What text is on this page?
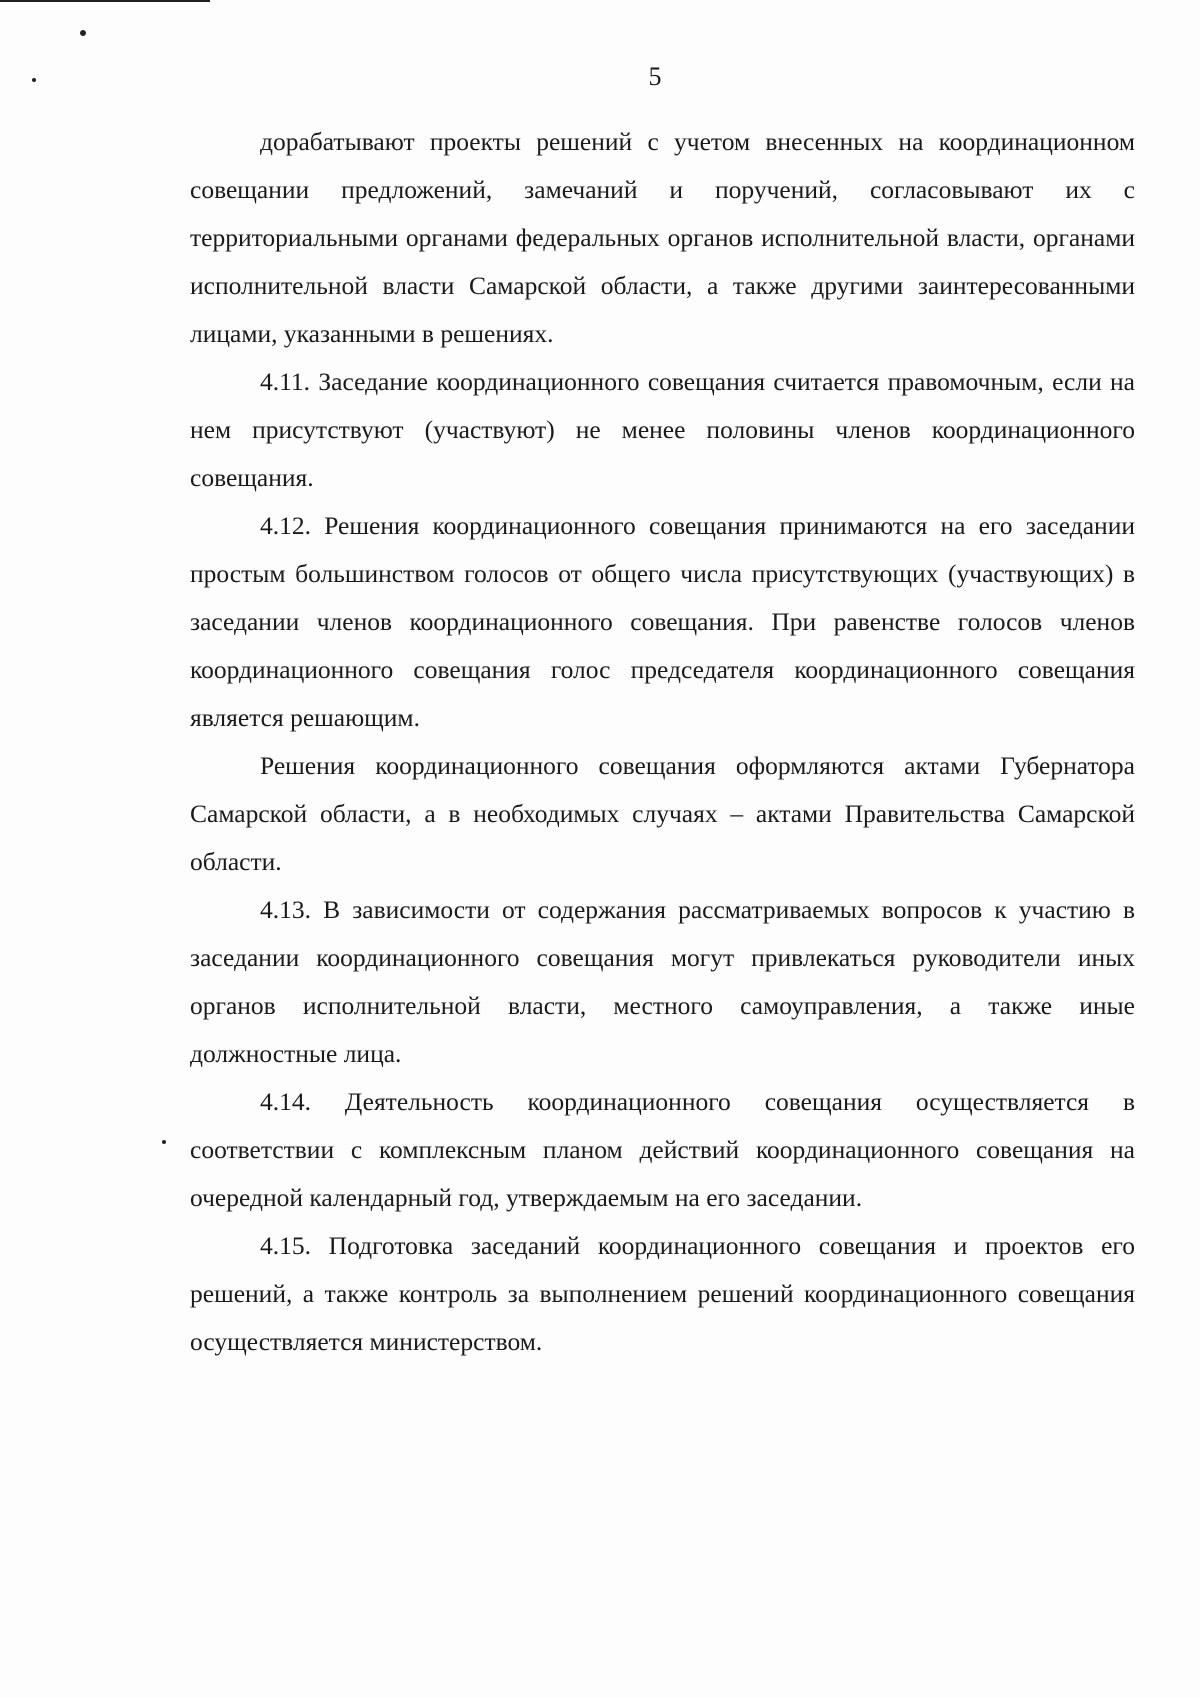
5

дорабатывают проекты решений с учетом внесенных на координационном совещании предложений, замечаний и поручений, согласовывают их с территориальными органами федеральных органов исполнительной власти, органами исполнительной власти Самарской области, а также другими заинтересованными лицами, указанными в решениях.

4.11. Заседание координационного совещания считается правомочным, если на нем присутствуют (участвуют) не менее половины членов координационного совещания.

4.12. Решения координационного совещания принимаются на его заседании простым большинством голосов от общего числа присутствующих (участвующих) в заседании членов координационного совещания. При равенстве голосов членов координационного совещания голос председателя координационного совещания является решающим.

Решения координационного совещания оформляются актами Губернатора Самарской области, а в необходимых случаях – актами Правительства Самарской области.

4.13. В зависимости от содержания рассматриваемых вопросов к участию в заседании координационного совещания могут привлекаться руководители иных органов исполнительной власти, местного самоуправления, а также иные должностные лица.

4.14. Деятельность координационного совещания осуществляется в соответствии с комплексным планом действий координационного совещания на очередной календарный год, утверждаемым на его заседании.

4.15. Подготовка заседаний координационного совещания и проектов его решений, а также контроль за выполнением решений координационного совещания осуществляется министерством.
